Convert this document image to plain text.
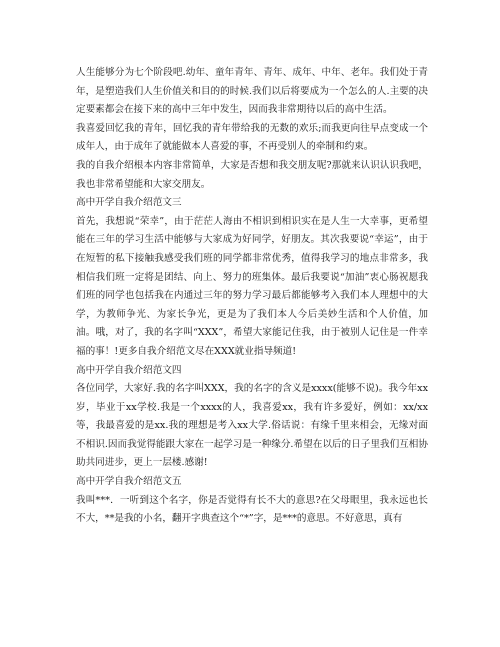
人生能够分为七个阶段吧.幼年、童年青年、青年、成年、中年、老年。我们处于青年，是塑造我们人生价值关和目的的时候.我们以后将要成为一个怎么的人.主要的决定要素都会在接下来的高中三年中发生，因而我非常期待以后的高中生活。

我喜爱回忆我的青年，回忆我的青年带给我的无数的欢乐;而我更向往早点变成一个成年人，由于成年了就能做本人喜爱的事，不再受别人的牵制和约束。

我的自我介绍根本内容非常简单，大家是否想和我交朋友呢?那就来认识认识我吧，我也非常希望能和大家交朋友。

高中开学自我介绍范文三

首先，我想说“荣幸”，由于茫茫人海由不相识到相识实在是人生一大幸事，更希望能在三年的学习生活中能够与大家成为好同学，好朋友。其次我要说“幸运”，由于在短暂的私下接触我感受我们班的同学都非常优秀，值得我学习的地点非常多，我相信我们班一定将是团结、向上、努力的班集体。最后我要说“加油”衷心肠祝愿我们班的同学也包括我在内通过三年的努力学习最后都能够考入我们本人理想中的大学，为教师争光、为家长争光，更是为了我们本人今后美妙生活和个人价值，加油。哦，对了，我的名字叫“XXX”，希望大家能记住我，由于被别人记住是一件幸福的事！!更多自我介绍范文尽在XXX就业指导频道!

高中开学自我介绍范文四

各位同学，大家好.我的名字叫XXX，我的名字的含义是xxxx(能够不说)。我今年xx岁，毕业于xx学校.我是一个xxxx的人，我喜爱xx，我有许多爱好，例如：xx/xx等，我最喜爱的是xx.我的理想是考入xx大学.俗话说：有缘千里来相会，无缘对面不相识.因而我觉得能跟大家在一起学习是一种缘分.希望在以后的日子里我们互相协助共同进步，更上一层楼.感谢!

高中开学自我介绍范文五

我叫***．一听到这个名字，你是否觉得有长不大的意思?在父母眼里，我永远也长不大，**是我的小名，翻开字典查这个“*”字，是***的意思。不好意思，真有
